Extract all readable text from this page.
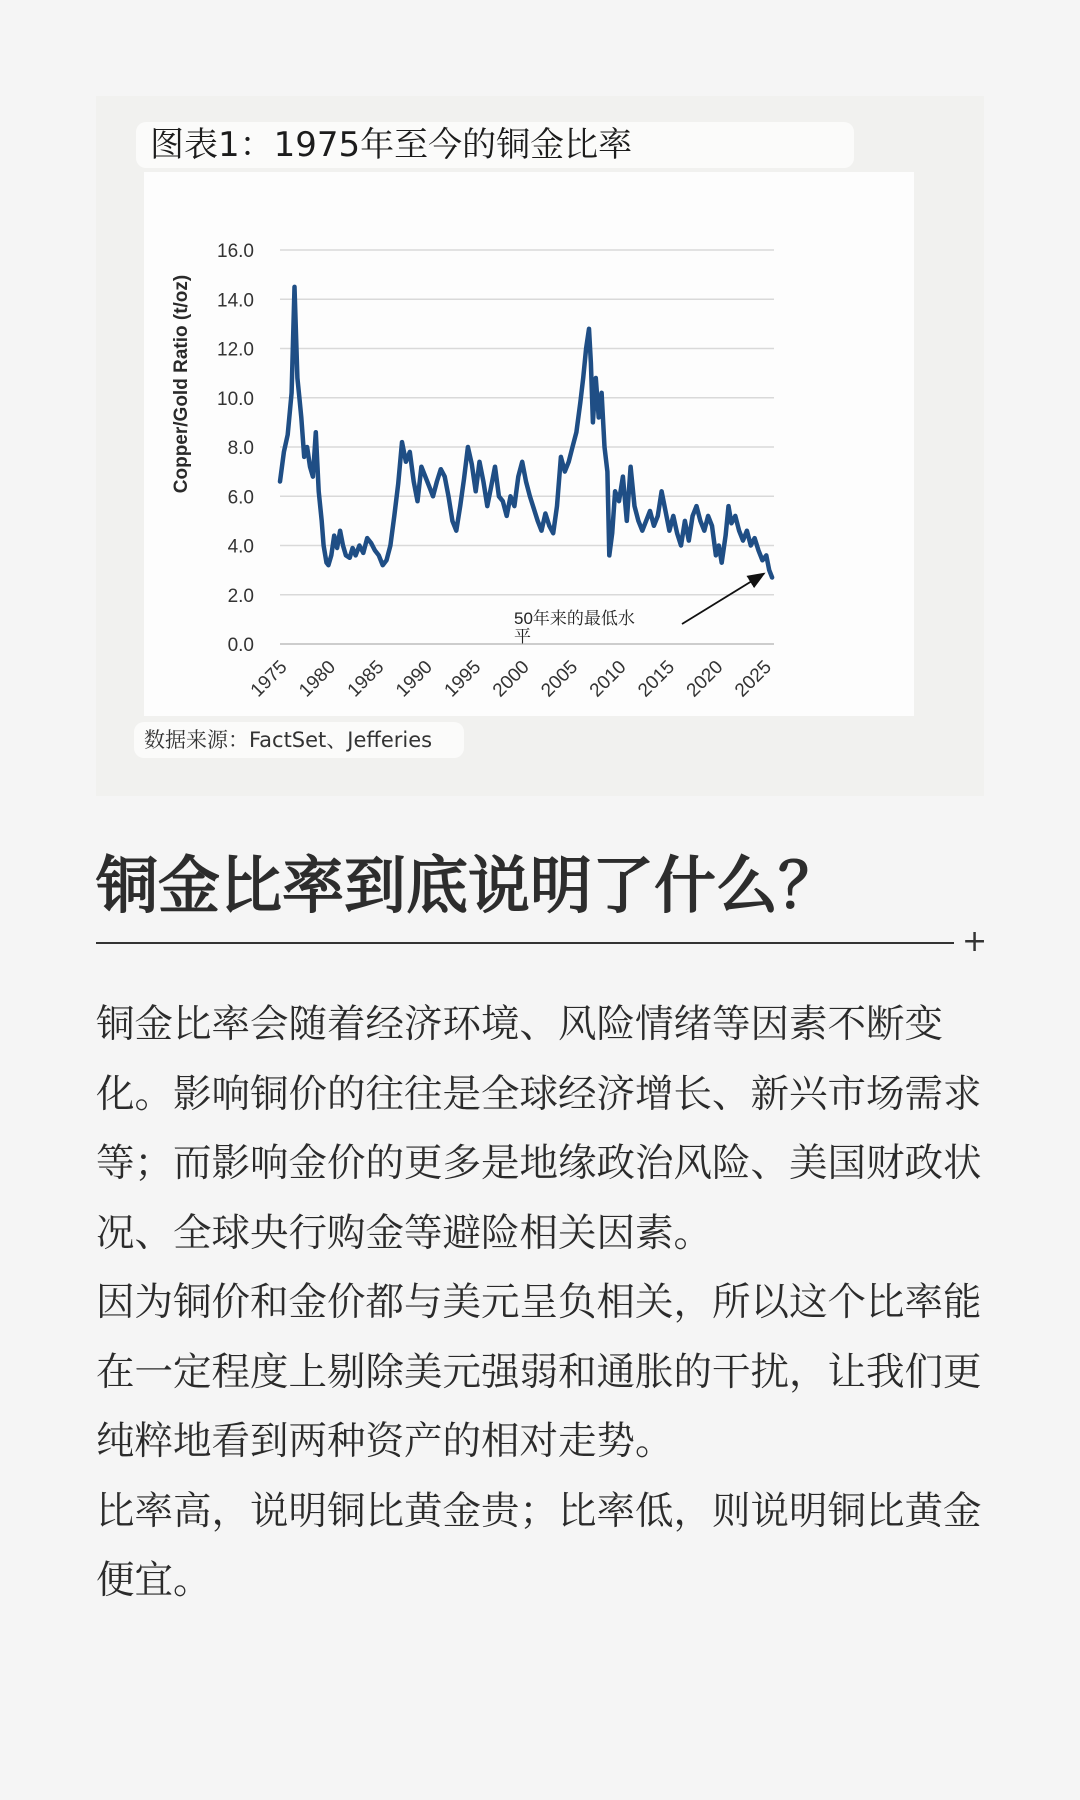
图表1：1975年至今的铜金比率
0.0
2.0
4.0
6.0
8.0
10.0
12.0
14.0
16.0
1975 1980 1985 1990 1995 2000 2005 2010 2015 2020 2025
Copper/Gold Ratio (t/oz)
50年来的最低水
平
数据来源：FactSet、Jefferies
铜金比率到底说明了什么？
+

铜金比率会随着经济环境、风险情绪等因素不断变化。影响铜价的往往是全球经济增长、新兴市场需求等；而影响金价的更多是地缘政治风险、美国财政状况、全球央行购金等避险相关因素。

因为铜价和金价都与美元呈负相关，所以这个比率能在一定程度上剔除美元强弱和通胀的干扰，让我们更纯粹地看到两种资产的相对走势。

比率高，说明铜比黄金贵；比率低，则说明铜比黄金便宜。
